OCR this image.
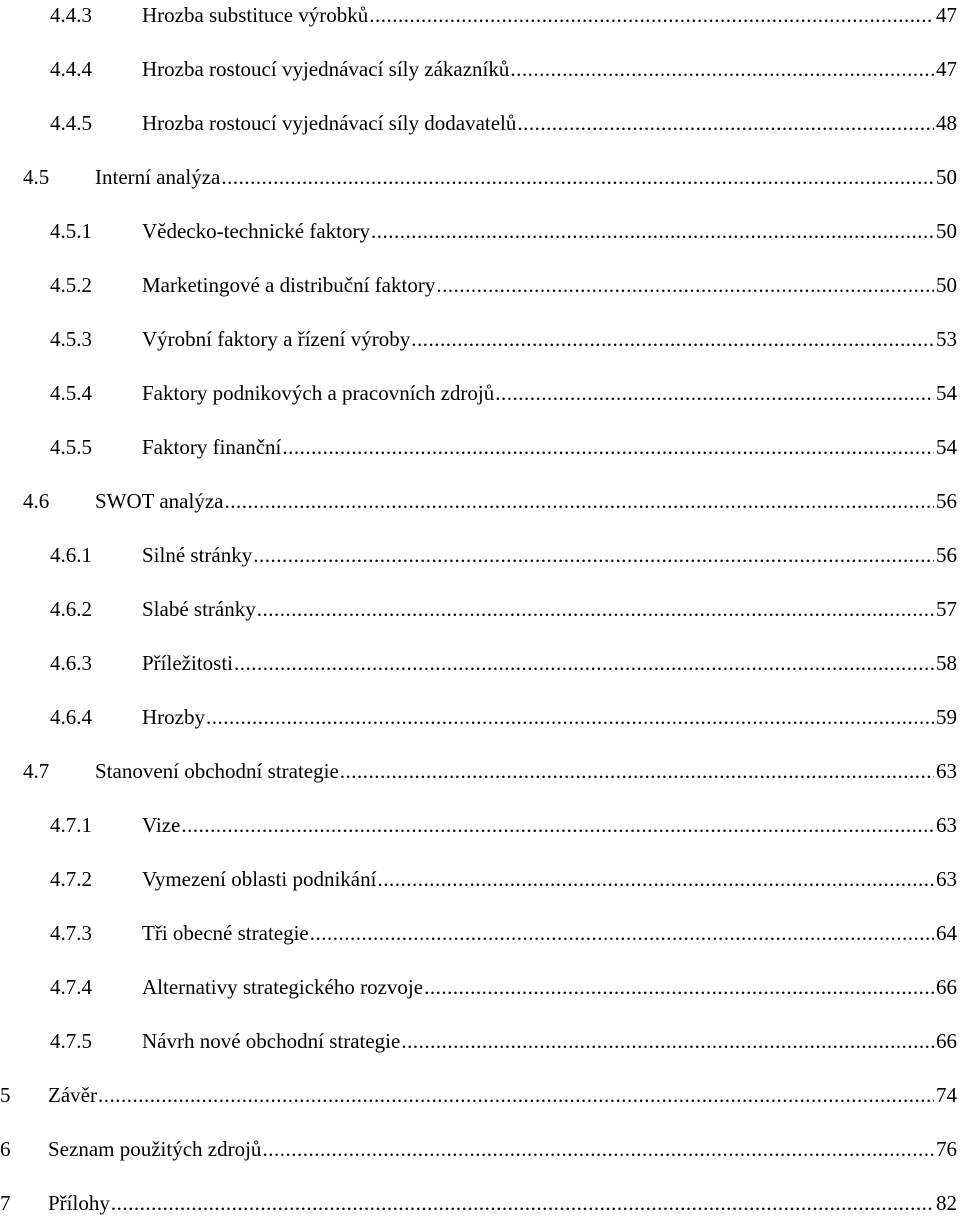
4.4.3	Hrozba substituce výrobků .....	47
4.4.4	Hrozba rostoucí vyjednávací síly zákazníků .....	47
4.4.5	Hrozba rostoucí vyjednávací síly dodavatelů .....	48
4.5	Interní analýza .....	50
4.5.1	Vědecko-technické faktory .....	50
4.5.2	Marketingové a distribuční faktory .....	50
4.5.3	Výrobní faktory a řízení výroby .....	53
4.5.4	Faktory podnikových a pracovních zdrojů .....	54
4.5.5	Faktory finanční .....	54
4.6	SWOT analýza .....	56
4.6.1	Silné stránky .....	56
4.6.2	Slabé stránky .....	57
4.6.3	Příležitosti .....	58
4.6.4	Hrozby .....	59
4.7	Stanovení obchodní strategie .....	63
4.7.1	Vize .....	63
4.7.2	Vymezení oblasti podnikání .....	63
4.7.3	Tři obecné strategie .....	64
4.7.4	Alternativy strategického rozvoje .....	66
4.7.5	Návrh nové obchodní strategie .....	66
5	Závěr .....	74
6	Seznam použitých zdrojů .....	76
7	Přílohy .....	82
